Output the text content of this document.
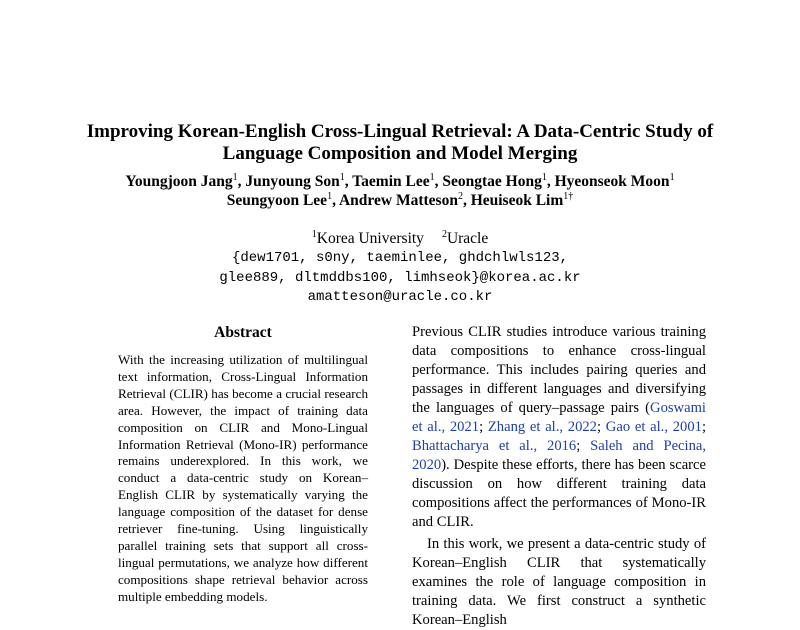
Improving Korean-English Cross-Lingual Retrieval: A Data-Centric Study of Language Composition and Model Merging
Youngjoon Jang$^1$, Junyoung Son$^1$, Taemin Lee$^1$, Seongtae Hong$^1$, Hyeonseok Moon$^1$
Seungyoon Lee$^1$, Andrew Matteson$^2$, Heuiseok Lim$^{1\dagger}$
$^1$Korea University $^2$Uracle
{dew1701, s0ny, taeminlee, ghdchlwls123,
glee889, dltmddbs100, limhseok}@korea.ac.kr
amatteson@uracle.co.kr
Abstract
With the increasing utilization of multilingual text information, Cross-Lingual Information Retrieval (CLIR) has become a crucial research area. However, the impact of training data composition on CLIR and Mono-Lingual Information Retrieval (Mono-IR) performance remains underexplored. In this work, we conduct a data-centric study on Korean–English CLIR by systematically varying the language composition of the dataset for dense retriever fine-tuning. Using linguistically parallel training sets that support all cross-lingual permutations, we analyze how different compositions shape retrieval behavior across multiple embedding models.

Previous CLIR studies introduce various training data compositions to enhance cross-lingual performance. This includes pairing queries and passages in different languages and diversifying the languages of query–passage pairs (Goswami et al., 2021; Zhang et al., 2022; Gao et al., 2001; Bhattacharya et al., 2016; Saleh and Pecina, 2020). Despite these efforts, there has been scarce discussion on how different training data compositions affect the performances of Mono-IR and CLIR.

In this work, we present a data-centric study of Korean–English CLIR that systematically examines the role of language composition in training data. We first construct a synthetic Korean–English
